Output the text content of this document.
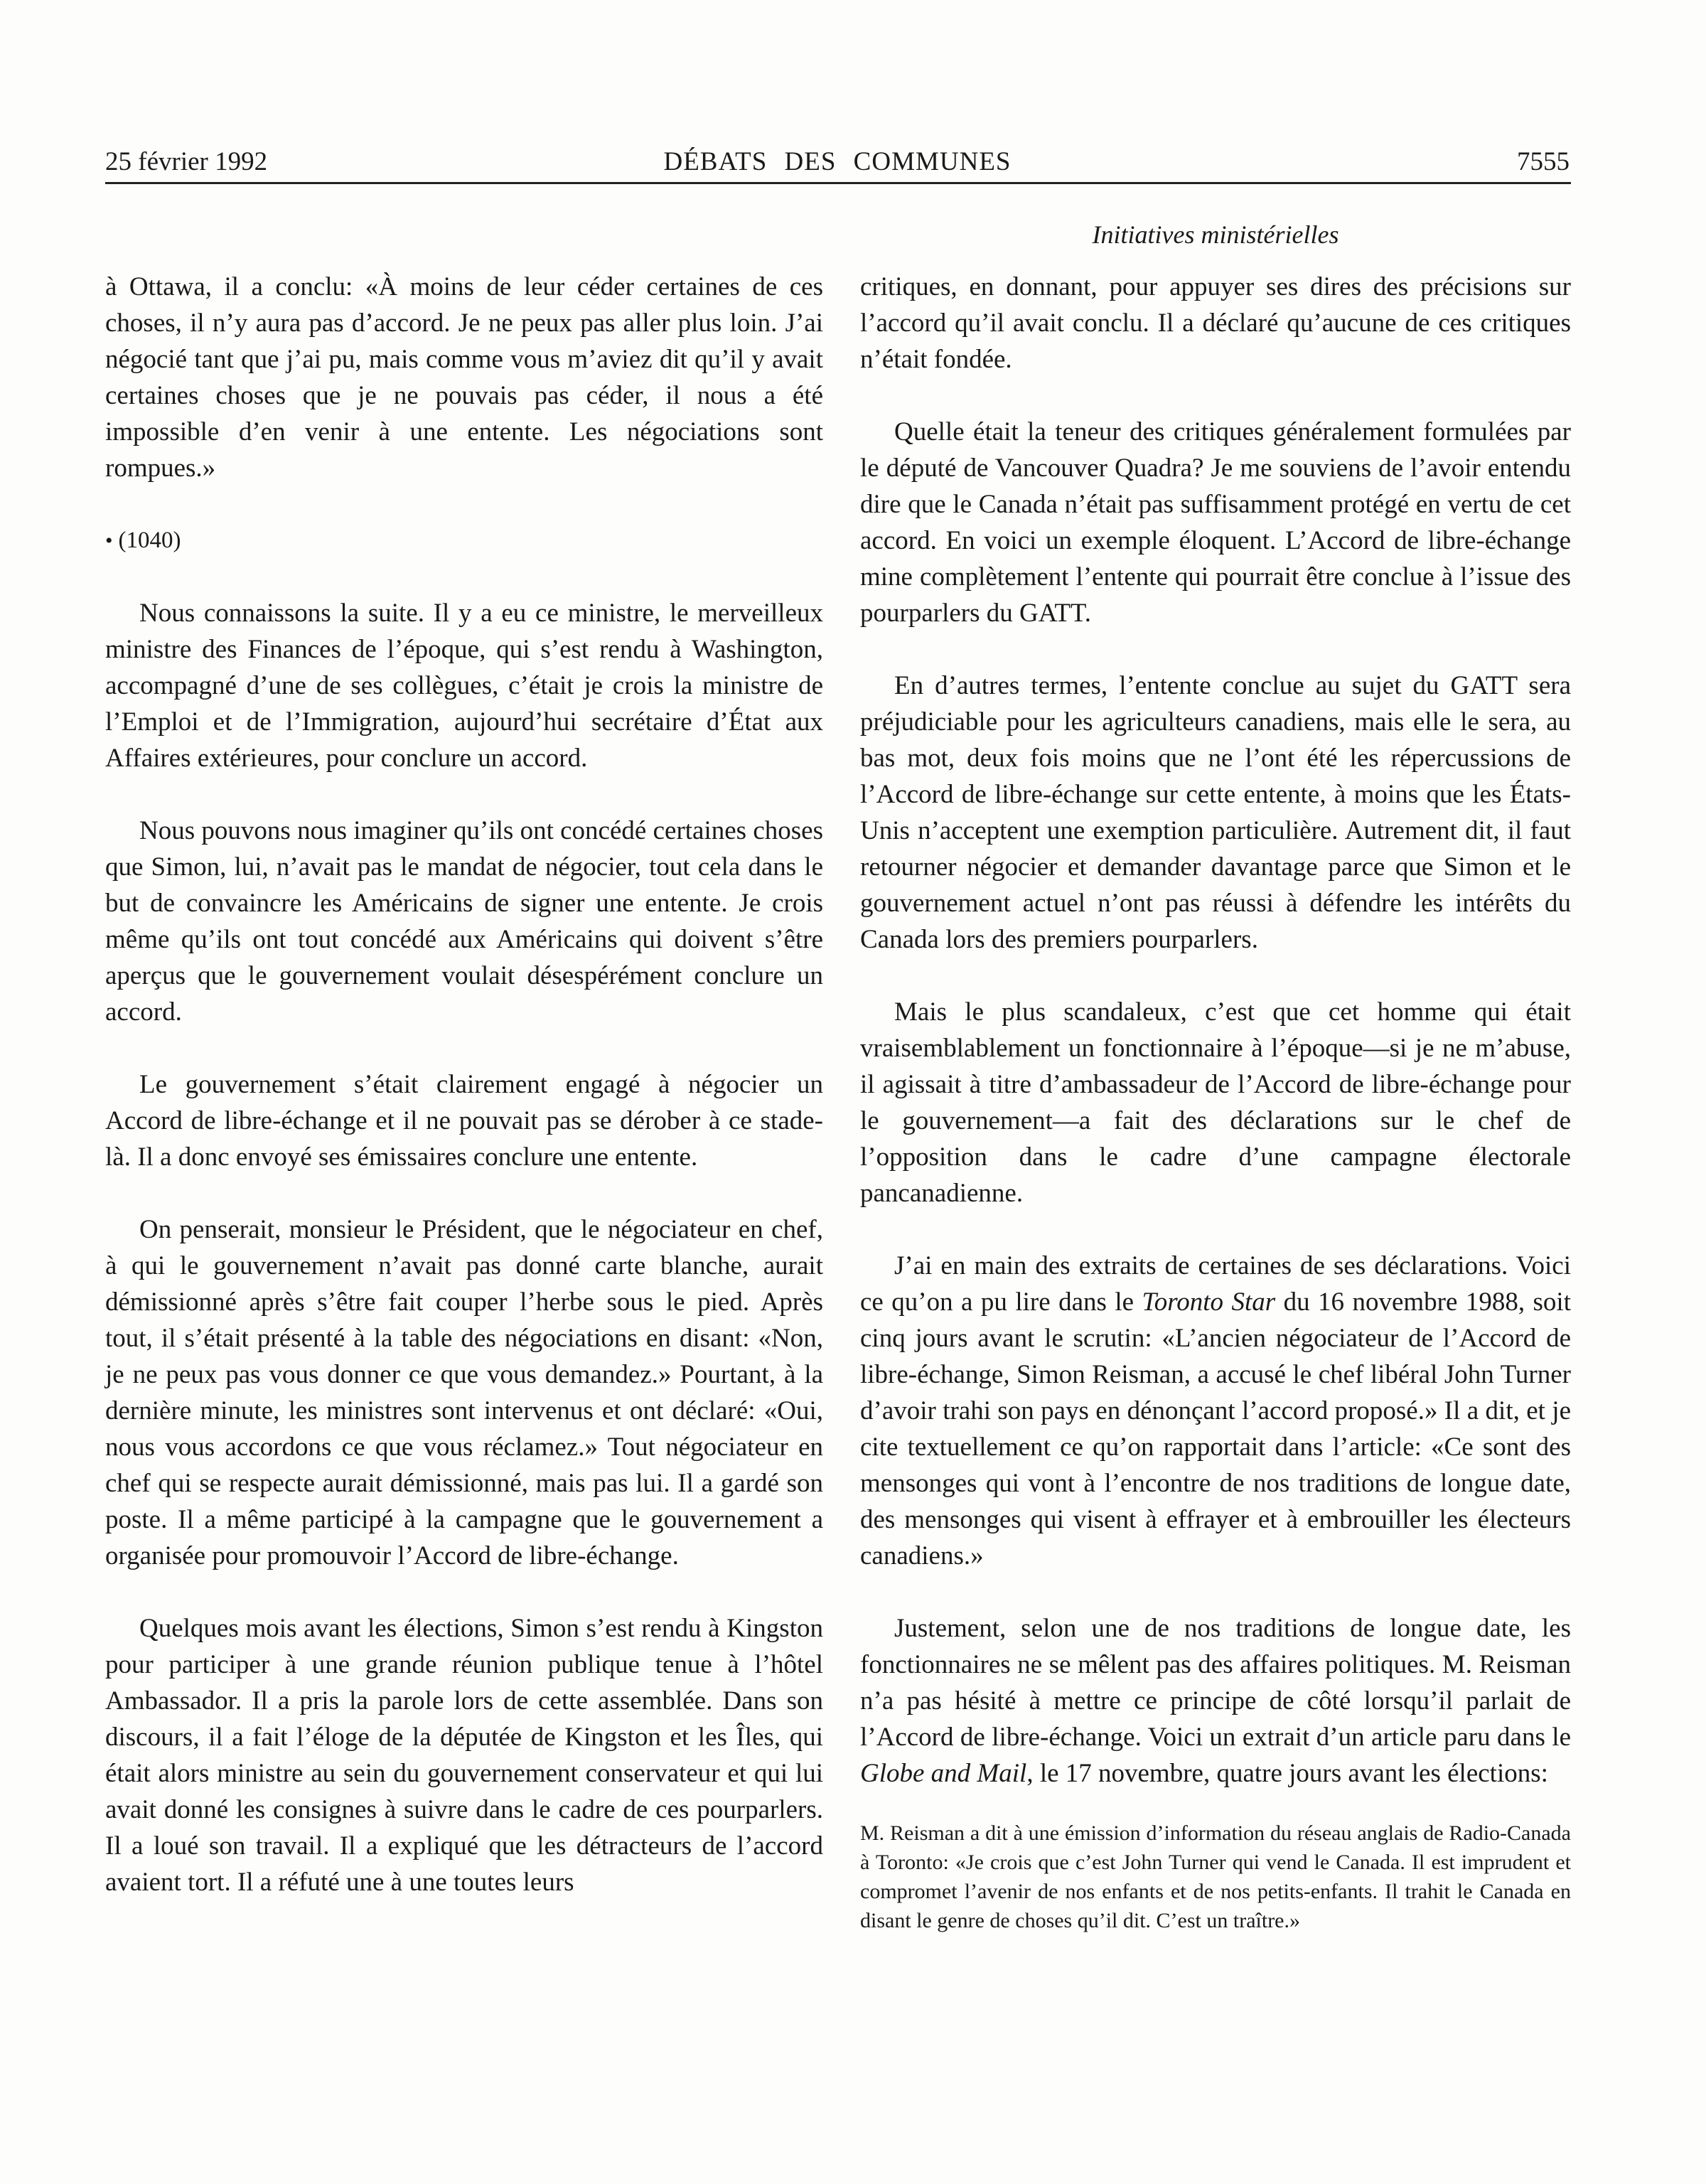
25 février 1992	DÉBATS DES COMMUNES	7555
Initiatives ministérielles

à Ottawa, il a conclu: «À moins de leur céder certaines de ces choses, il n’y aura pas d’accord. Je ne peux pas aller plus loin. J’ai négocié tant que j’ai pu, mais comme vous m’aviez dit qu’il y avait certaines choses que je ne pouvais pas céder, il nous a été impossible d’en venir à une entente. Les négociations sont rompues.»

• (1040)

Nous connaissons la suite. Il y a eu ce ministre, le merveilleux ministre des Finances de l’époque, qui s’est rendu à Washington, accompagné d’une de ses collègues, c’était je crois la ministre de l’Emploi et de l’Immigration, aujourd’hui secrétaire d’État aux Affaires extérieures, pour conclure un accord.

Nous pouvons nous imaginer qu’ils ont concédé certaines choses que Simon, lui, n’avait pas le mandat de négocier, tout cela dans le but de convaincre les Américains de signer une entente. Je crois même qu’ils ont tout concédé aux Américains qui doivent s’être aperçus que le gouvernement voulait désespérément conclure un accord.

Le gouvernement s’était clairement engagé à négocier un Accord de libre-échange et il ne pouvait pas se dérober à ce stade-là. Il a donc envoyé ses émissaires conclure une entente.

On penserait, monsieur le Président, que le négociateur en chef, à qui le gouvernement n’avait pas donné carte blanche, aurait démissionné après s’être fait couper l’herbe sous le pied. Après tout, il s’était présenté à la table des négociations en disant: «Non, je ne peux pas vous donner ce que vous demandez.» Pourtant, à la dernière minute, les ministres sont intervenus et ont déclaré: «Oui, nous vous accordons ce que vous réclamez.» Tout négociateur en chef qui se respecte aurait démissionné, mais pas lui. Il a gardé son poste. Il a même participé à la campagne que le gouvernement a organisée pour promouvoir l’Accord de libre-échange.

Quelques mois avant les élections, Simon s’est rendu à Kingston pour participer à une grande réunion publique tenue à l’hôtel Ambassador. Il a pris la parole lors de cette assemblée. Dans son discours, il a fait l’éloge de la députée de Kingston et les Îles, qui était alors ministre au sein du gouvernement conservateur et qui lui avait donné les consignes à suivre dans le cadre de ces pourparlers. Il a loué son travail. Il a expliqué que les détracteurs de l’accord avaient tort. Il a réfuté une à une toutes leurs

critiques, en donnant, pour appuyer ses dires des précisions sur l’accord qu’il avait conclu. Il a déclaré qu’aucune de ces critiques n’était fondée.

Quelle était la teneur des critiques généralement formulées par le député de Vancouver Quadra? Je me souviens de l’avoir entendu dire que le Canada n’était pas suffisamment protégé en vertu de cet accord. En voici un exemple éloquent. L’Accord de libre-échange mine complètement l’entente qui pourrait être conclue à l’issue des pourparlers du GATT.

En d’autres termes, l’entente conclue au sujet du GATT sera préjudiciable pour les agriculteurs canadiens, mais elle le sera, au bas mot, deux fois moins que ne l’ont été les répercussions de l’Accord de libre-échange sur cette entente, à moins que les États-Unis n’acceptent une exemption particulière. Autrement dit, il faut retourner négocier et demander davantage parce que Simon et le gouvernement actuel n’ont pas réussi à défendre les intérêts du Canada lors des premiers pourparlers.

Mais le plus scandaleux, c’est que cet homme qui était vraisemblablement un fonctionnaire à l’époque—si je ne m’abuse, il agissait à titre d’ambassadeur de l’Accord de libre-échange pour le gouvernement—a fait des déclarations sur le chef de l’opposition dans le cadre d’une campagne électorale pancanadienne.

J’ai en main des extraits de certaines de ses déclarations. Voici ce qu’on a pu lire dans le Toronto Star du 16 novembre 1988, soit cinq jours avant le scrutin: «L’ancien négociateur de l’Accord de libre-échange, Simon Reisman, a accusé le chef libéral John Turner d’avoir trahi son pays en dénonçant l’accord proposé.» Il a dit, et je cite textuellement ce qu’on rapportait dans l’article: «Ce sont des mensonges qui vont à l’encontre de nos traditions de longue date, des mensonges qui visent à effrayer et à embrouiller les électeurs canadiens.»

Justement, selon une de nos traditions de longue date, les fonctionnaires ne se mêlent pas des affaires politiques. M. Reisman n’a pas hésité à mettre ce principe de côté lorsqu’il parlait de l’Accord de libre-échange. Voici un extrait d’un article paru dans le Globe and Mail, le 17 novembre, quatre jours avant les élections:

M. Reisman a dit à une émission d’information du réseau anglais de Radio-Canada à Toronto: «Je crois que c’est John Turner qui vend le Canada. Il est imprudent et compromet l’avenir de nos enfants et de nos petits-enfants. Il trahit le Canada en disant le genre de choses qu’il dit. C’est un traître.»
